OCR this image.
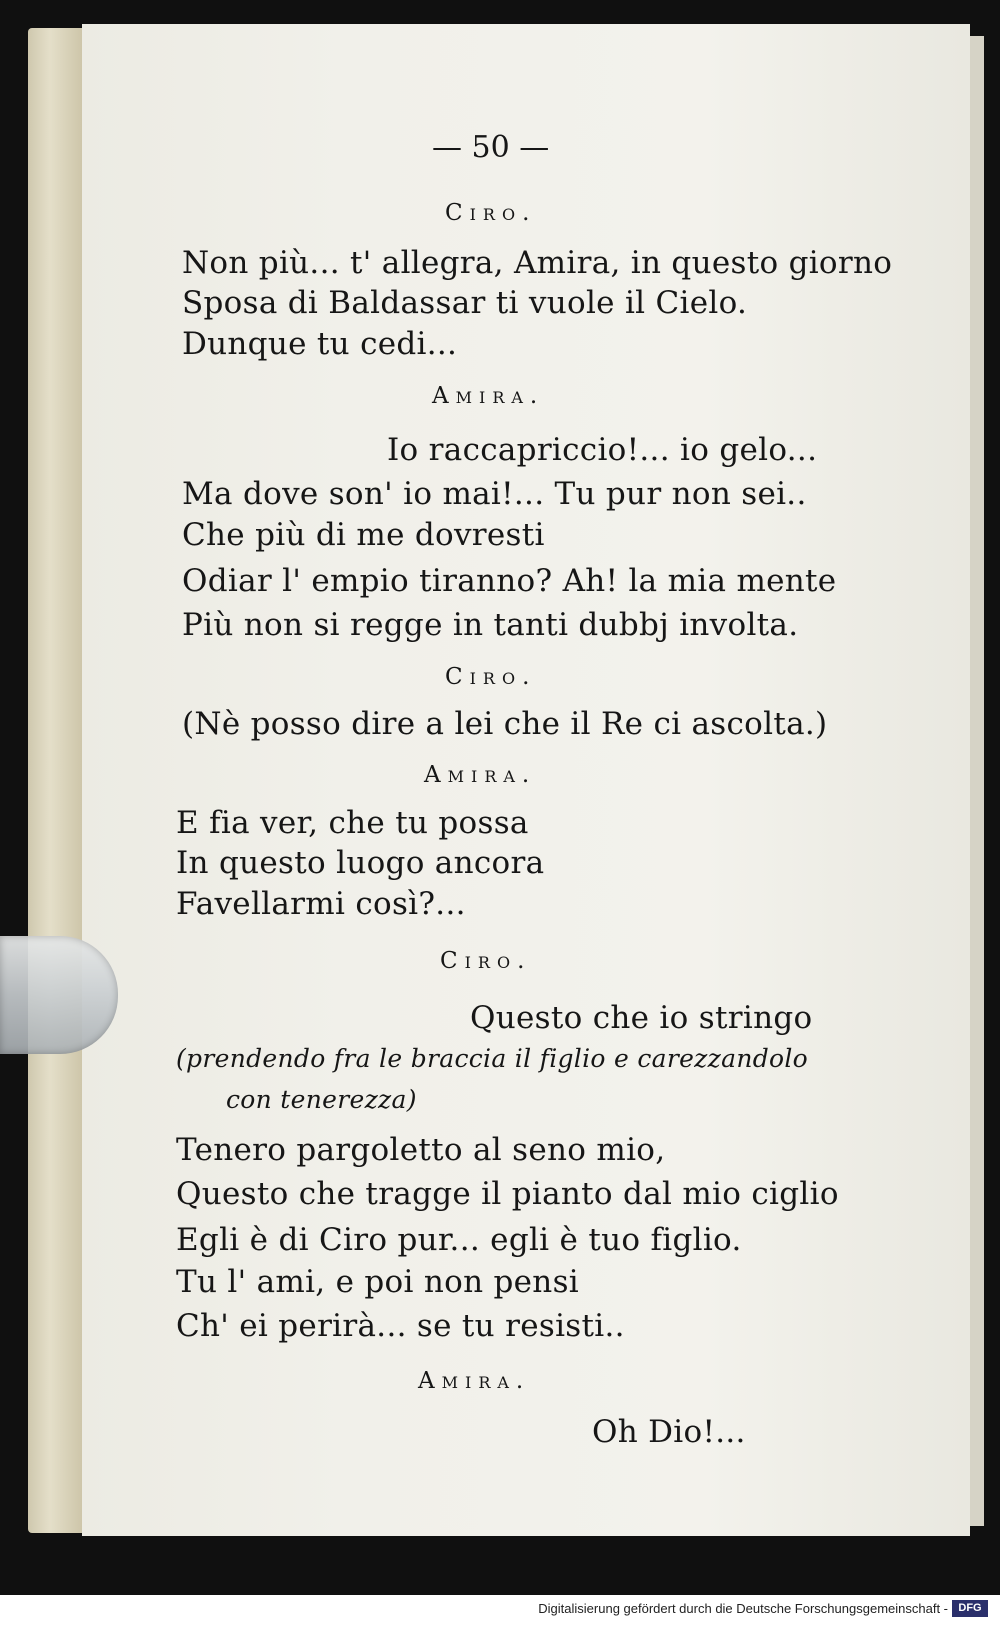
— 50 —
Ciro.
Non più... t' allegra, Amira, in questo giorno
Sposa di Baldassar ti vuole il Cielo.
Dunque tu cedi...
Amira.
Io raccapriccio!... io gelo...
Ma dove son' io mai!... Tu pur non sei..
Che più di me dovresti
Odiar l' empio tiranno? Ah! la mia mente
Più non si regge in tanti dubbj involta.
Ciro.
(Nè posso dire a lei che il Re ci ascolta.)
Amira.
E fia ver, che tu possa
In questo luogo ancora
Favellarmi così?...
Ciro.
Questo che io stringo
(prendendo fra le braccia il figlio e carezzandolo
con tenerezza)
Tenero pargoletto al seno mio,
Questo che tragge il pianto dal mio ciglio
Egli è di Ciro pur... egli è tuo figlio.
Tu l' ami, e poi non pensi
Ch' ei perirà... se tu resisti..
Amira.
Oh Dio!...
Digitalisierung gefördert durch die Deutsche Forschungsgemeinschaft - DFG
